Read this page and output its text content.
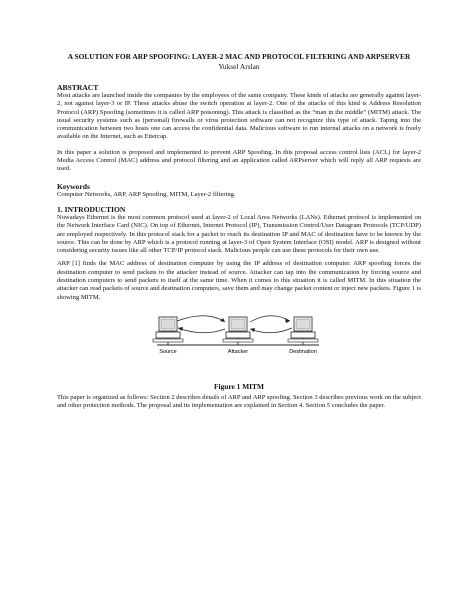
A SOLUTION FOR ARP SPOOFING: LAYER-2 MAC AND PROTOCOL FILTERING AND ARPSERVER

Yuksel Arslan

ABSTRACT

Most attacks are launched inside the companies by the employees of the same company. These kinds of attacks are generally against layer-2, not against layer-3 or IP. These attacks abuse the switch operation at layer-2. One of the attacks of this kind is Address Resolution Protocol (ARP) Spoofing (sometimes it is called ARP poisoning). This attack is classified as the “man in the middle” (MITM) attack. The usual security systems such as (personal) firewalls or virus protection software can not recognize this type of attack. Taping into the communication between two hosts one can access the confidential data. Malicious software to run internal attacks on a network is freely available on the Internet, such as Ettercap.

In this paper a solution is proposed and implemented to prevent ARP Spoofing. In this proposal access control lists (ACL) for layer-2 Media Access Control (MAC) address and protocol filtering and an application called ARPserver which will reply all ARP requests are used.

Keywords

Computer Networks, ARP, ARP Spoofing, MITM, Layer-2 filtering.

1. INTRODUCTION

Nowadays Ethernet is the most common protocol used at layer-2 of Local Area Networks (LANs). Ethernet protocol is implemented on the Network Interface Card (NIC). On top of Ethernet, Internet Protocol (IP), Transmission Control/User Datagram Protocols (TCP/UDP) are employed respectively. In this protocol stack for a packet to reach its destination IP and MAC of destination have to be known by the source. This can be done by ARP which is a protocol running at layer-3 of Open System Interface (OSI) model. ARP is designed without considering security issues like all other TCP/IP protocol stack. Malicious people can use these protocols for their own use.

ARP [1] finds the MAC address of destination computer by using the IP address of destination computer. ARP spoofing forces the destination computer to send packets to the attacker instead of source. Attacker can tap into the communication by forcing source and destination computers to send packets to itself at the same time. When it comes to this situation it is called MITM. In this situation the attacker can read packets of source and destination computers, save them and may change packet content or inject new packets. Figure 1 is showing MITM.

Source	Attacker	Destination

Figure 1 MITM

This paper is organized as follows: Section 2 describes details of ARP and ARP spoofing. Section 3 describes previous work on the subject and other protection methods. The proposal and its implementation are explained in Section 4. Section 5 concludes the paper.
